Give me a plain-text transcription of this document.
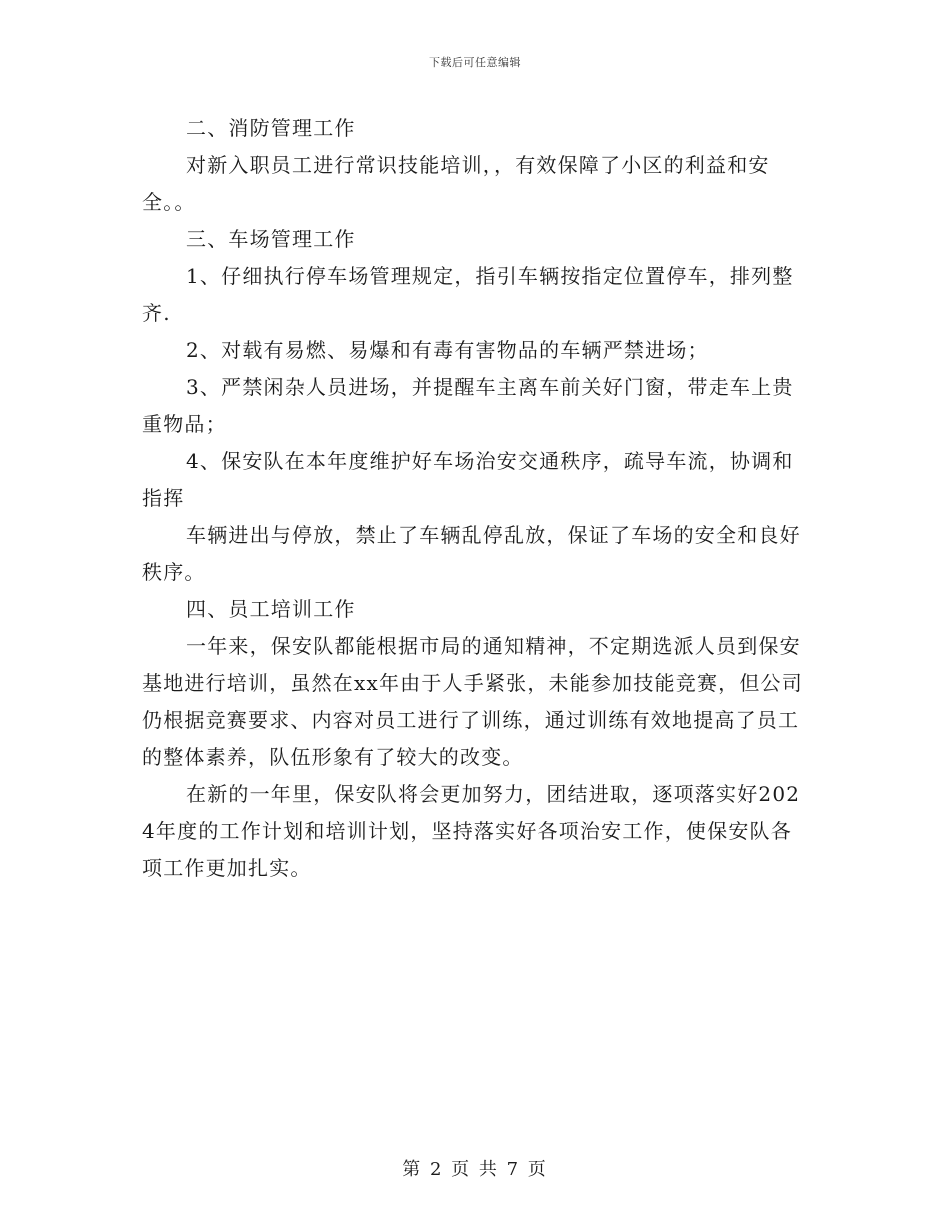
下载后可任意编辑

二、消防管理工作

对新入职员工进行常识技能培训，，有效保障了小区的利益和安全。。

三、车场管理工作

1、仔细执行停车场管理规定，指引车辆按指定位置停车，排列整齐.

2、对载有易燃、易爆和有毒有害物品的车辆严禁进场；

3、严禁闲杂人员进场，并提醒车主离车前关好门窗，带走车上贵重物品；

4、保安队在本年度维护好车场治安交通秩序，疏导车流，协调和指挥

车辆进出与停放，禁止了车辆乱停乱放，保证了车场的安全和良好秩序。

四、员工培训工作

一年来，保安队都能根据市局的通知精神，不定期选派人员到保安基地进行培训，虽然在xx年由于人手紧张，未能参加技能竞赛，但公司仍根据竞赛要求、内容对员工进行了训练，通过训练有效地提高了员工的整体素养，队伍形象有了较大的改变。

在新的一年里，保安队将会更加努力，团结进取，逐项落实好2024年度的工作计划和培训计划，坚持落实好各项治安工作，使保安队各项工作更加扎实。

第 2 页 共 7 页
